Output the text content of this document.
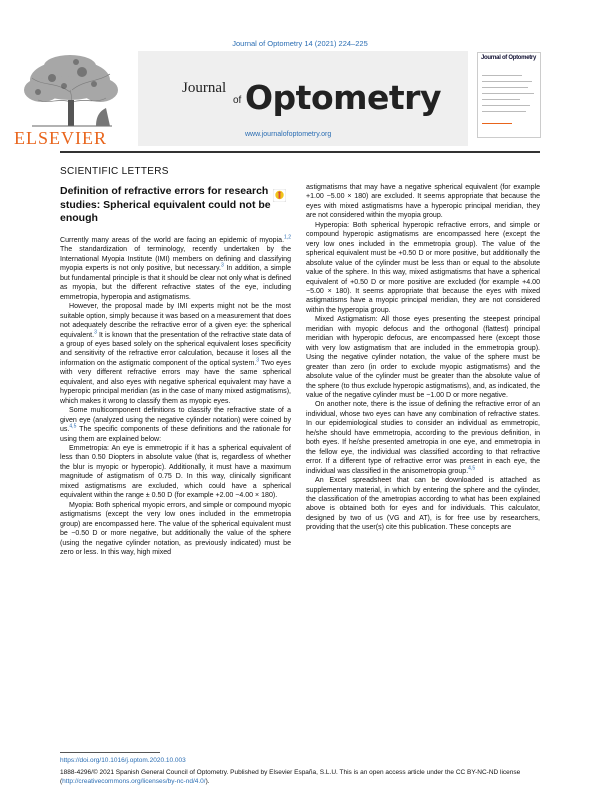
Journal of Optometry 14 (2021) 224–225
ELSEVIER
Journal
of Optometry
www.journalofoptometry.org
Journal of Optometry
SCIENTIFIC LETTERS
Definition of refractive errors for research studies: Spherical equivalent could not be enough

Currently many areas of the world are facing an epidemic of myopia.$^{1,2}$ The standardization of terminology, recently undertaken by the International Myopia Institute (IMI) members on defining and classifying myopia experts is not only positive, but necessary.$^3$ In addition, a simple but fundamental principle is that it should be clear not only what is defined as myopia, but the different refractive states of the eye, including emmetropia, hyperopia and astigmatisms.

However, the proposal made by IMI experts might not be the most suitable option, simply because it was based on a measurement that does not adequately describe the refractive error of a given eye: the spherical equivalent.$^3$ It is known that the presentation of the refractive state data of a group of eyes based solely on the spherical equivalent loses specificity and sensitivity of the refractive error calculation, because it loses all the information on the astigmatic component of the optical system.$^3$ Two eyes with very different refractive errors may have the same spherical equivalent, and also eyes with negative spherical equivalent may have a hyperopic principal meridian (as in the case of many mixed astigmatisms), which makes it wrong to classify them as myopic eyes.

Some multicomponent definitions to classify the refractive state of a given eye (analyzed using the negative cylinder notation) were coined by us.$^{4,5}$ The specific components of these definitions and the rationale for using them are explained below:

Emmetropia: An eye is emmetropic if it has a spherical equivalent of less than 0.50 Diopters in absolute value (that is, regardless of whether the blur is myopic or hyperopic). Additionally, it must have a maximum magnitude of astigmatism of 0.75 D. In this way, clinically significant mixed astigmatisms are excluded, which could have a spherical equivalent within the range ± 0.50 D (for example +2.00 −4.00 × 180).

Myopia: Both spherical myopic errors, and simple or compound myopic astigmatisms (except the very low ones included in the emmetropia group) are encompassed here. The value of the spherical equivalent must be −0.50 D or more negative, but additionally the value of the sphere (using the negative cylinder notation, as previously indicated) must be zero or less. In this way, high mixed

astigmatisms that may have a negative spherical equivalent (for example +1.00 −5.00 × 180) are excluded. It seems appropriate that because the eyes with mixed astigmatisms have a hyperopic principal meridian, they are not considered within the myopia group.

Hyperopia: Both spherical hyperopic refractive errors, and simple or compound hyperopic astigmatisms are encompassed here (except the very low ones included in the emmetropia group). The value of the spherical equivalent must be +0.50 D or more positive, but additionally the absolute value of the cylinder must be less than or equal to the absolute value of the sphere. In this way, mixed astigmatisms that have a spherical equivalent of +0.50 D or more positive are excluded (for example +4.00 −5.00 × 180). It seems appropriate that because the eyes with mixed astigmatisms have a myopic principal meridian, they are not considered within the hyperopia group.

Mixed Astigmatism: All those eyes presenting the steepest principal meridian with myopic defocus and the orthogonal (flattest) principal meridian with hyperopic defocus, are encompassed here (except those with very low astigmatism that are included in the emmetropia group). Using the negative cylinder notation, the value of the sphere must be greater than zero (in order to exclude myopic astigmatisms) and the absolute value of the cylinder must be greater than the absolute value of the sphere (to thus exclude hyperopic astigmatisms), and, as indicated, the value of the negative cylinder must be −1.00 D or more negative.

On another note, there is the issue of defining the refractive error of an individual, whose two eyes can have any combination of refractive states. In our epidemiological studies to consider an individual as emmetropic, he/she should have emmetropia, according to the previous definition, in both eyes. If he/she presented ametropia in one eye, and emmetropia in the fellow eye, the individual was classified according to that refractive error. If a different type of refractive error was present in each eye, the individual was classified in the anisometropia group.$^{4,5}$

An Excel spreadsheet that can be downloaded is attached as supplementary material, in which by entering the sphere and the cylinder, the classification of the ametropias according to what has been explained above is obtained both for eyes and for individuals. This calculator, designed by two of us (VG and AT), is for free use by researchers, providing that the user(s) cite this publication. These concepts are

https://doi.org/10.1016/j.optom.2020.10.003
1888-4296/© 2021 Spanish General Council of Optometry. Published by Elsevier España, S.L.U. This is an open access article under the CC BY-NC-ND license (http://creativecommons.org/licenses/by-nc-nd/4.0/).
